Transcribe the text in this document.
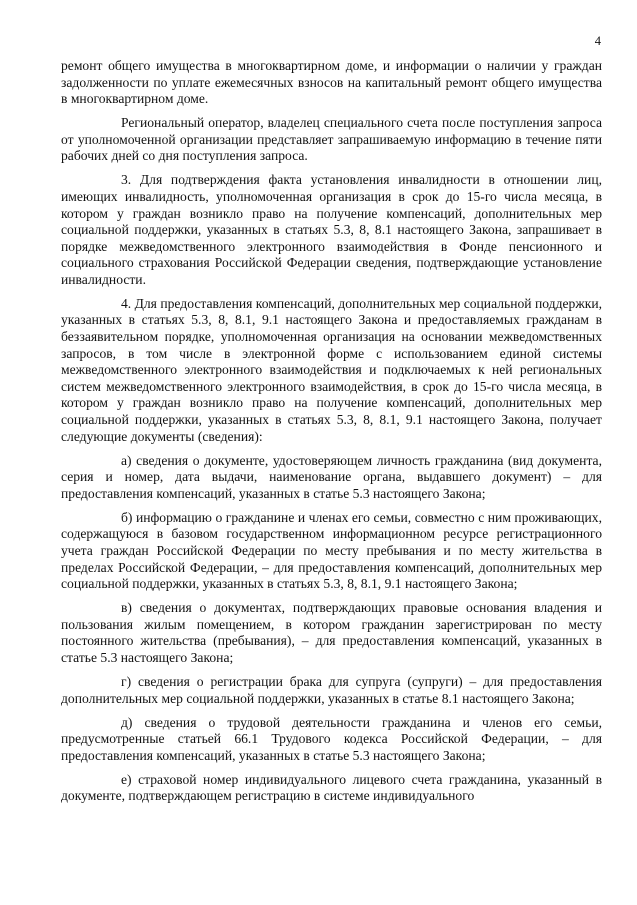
4

ремонт общего имущества в многоквартирном доме, и информации о наличии у граждан задолженности по уплате ежемесячных взносов на капитальный ремонт общего имущества в многоквартирном доме.

Региональный оператор, владелец специального счета после поступления запроса от уполномоченной организации представляет запрашиваемую информацию в течение пяти рабочих дней со дня поступления запроса.

3. Для подтверждения факта установления инвалидности в отношении лиц, имеющих инвалидность, уполномоченная организация в срок до 15-го числа месяца, в котором у граждан возникло право на получение компенсаций, дополнительных мер социальной поддержки, указанных в статьях 5.3, 8, 8.1 настоящего Закона, запрашивает в порядке межведомственного электронного взаимодействия в Фонде пенсионного и социального страхования Российской Федерации сведения, подтверждающие установление инвалидности.

4. Для предоставления компенсаций, дополнительных мер социальной поддержки, указанных в статьях 5.3, 8, 8.1, 9.1 настоящего Закона и предоставляемых гражданам в беззаявительном порядке, уполномоченная организация на основании межведомственных запросов, в том числе в электронной форме с использованием единой системы межведомственного электронного взаимодействия и подключаемых к ней региональных систем межведомственного электронного взаимодействия, в срок до 15-го числа месяца, в котором у граждан возникло право на получение компенсаций, дополнительных мер социальной поддержки, указанных в статьях 5.3, 8, 8.1, 9.1 настоящего Закона, получает следующие документы (сведения):

а) сведения о документе, удостоверяющем личность гражданина (вид документа, серия и номер, дата выдачи, наименование органа, выдавшего документ) – для предоставления компенсаций, указанных в статье 5.3 настоящего Закона;

б) информацию о гражданине и членах его семьи, совместно с ним проживающих, содержащуюся в базовом государственном информационном ресурсе регистрационного учета граждан Российской Федерации по месту пребывания и по месту жительства в пределах Российской Федерации, – для предоставления компенсаций, дополнительных мер социальной поддержки, указанных в статьях 5.3, 8, 8.1, 9.1 настоящего Закона;

в) сведения о документах, подтверждающих правовые основания владения и пользования жилым помещением, в котором гражданин зарегистрирован по месту постоянного жительства (пребывания), – для предоставления компенсаций, указанных в статье 5.3 настоящего Закона;

г) сведения о регистрации брака для супруга (супруги) – для предоставления дополнительных мер социальной поддержки, указанных в статье 8.1 настоящего Закона;

д) сведения о трудовой деятельности гражданина и членов его семьи, предусмотренные статьей 66.1 Трудового кодекса Российской Федерации, – для предоставления компенсаций, указанных в статье 5.3 настоящего Закона;

е) страховой номер индивидуального лицевого счета гражданина, указанный в документе, подтверждающем регистрацию в системе индивидуального
